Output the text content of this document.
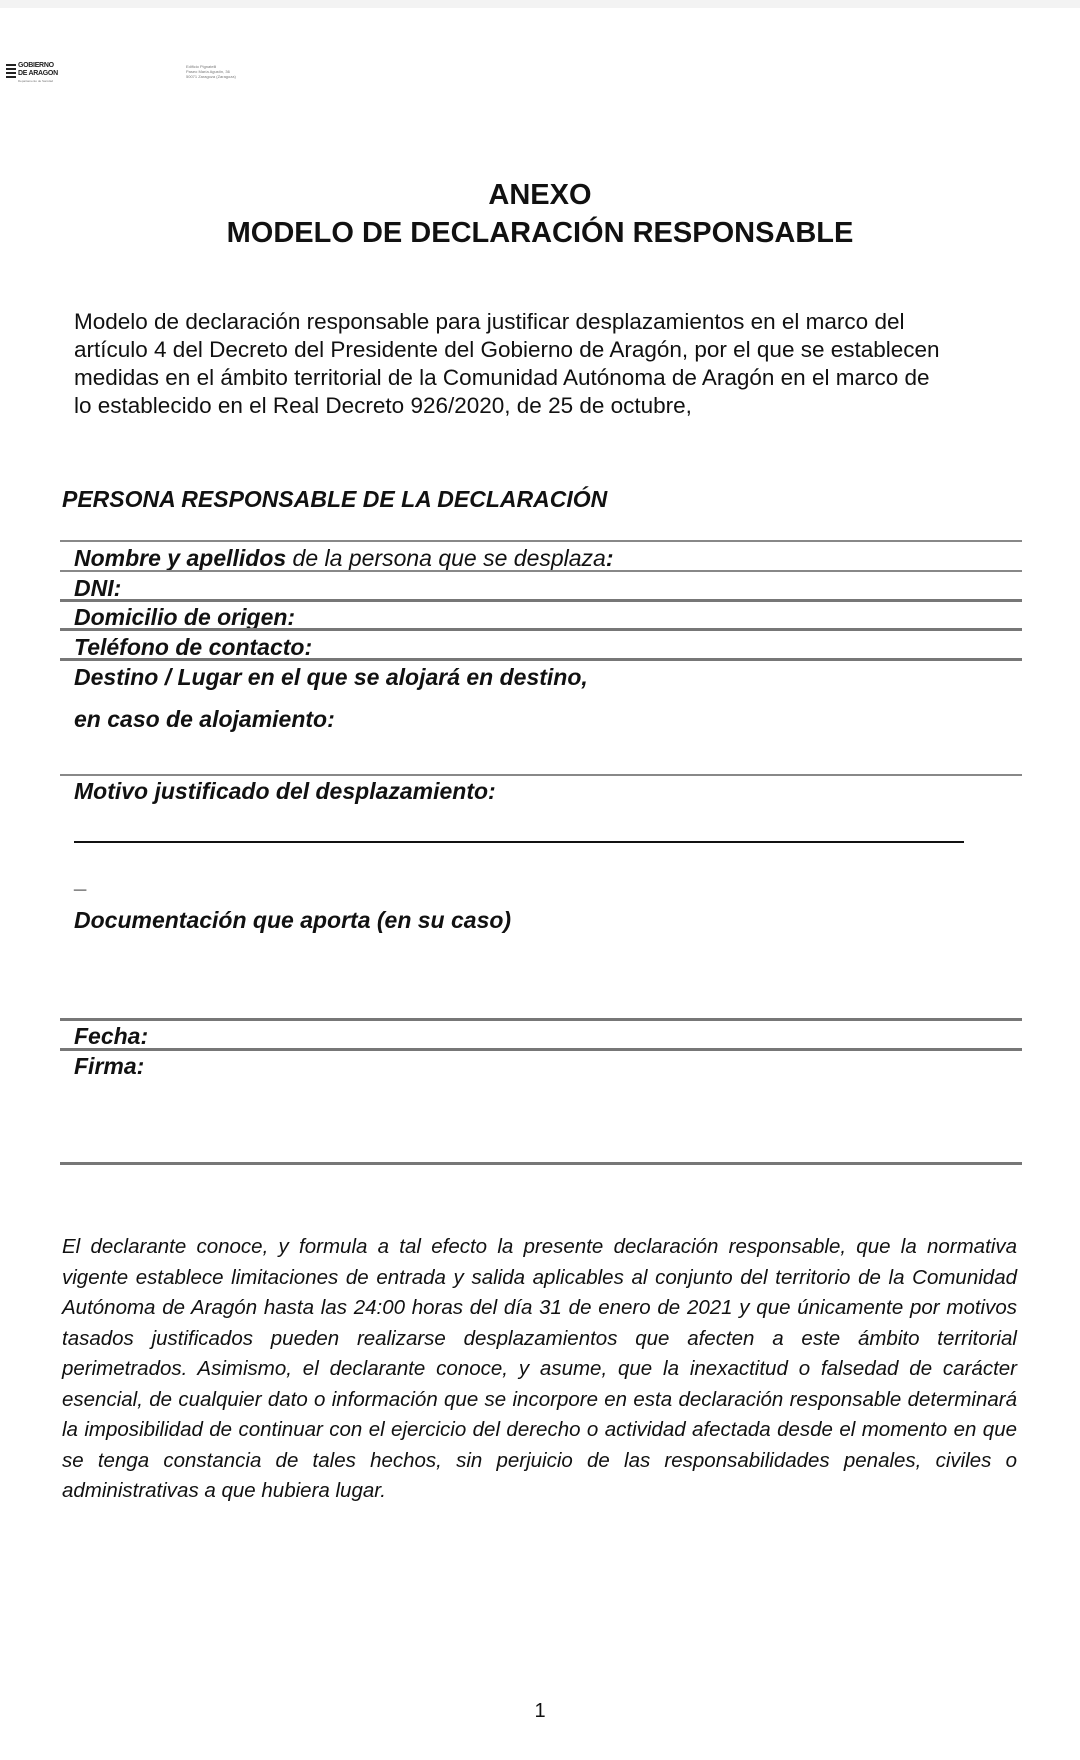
GOBIERNO
DE ARAGON
Departamento de Sanidad
Edificio Pignatelli
Paseo María Agustín, 36
50071 Zaragoza (Zaragoza)
ANEXO
MODELO DE DECLARACIÓN RESPONSABLE
Modelo de declaración responsable para justificar desplazamientos en el marco del
artículo 4 del Decreto del Presidente del Gobierno de Aragón, por el que se establecen
medidas en el ámbito territorial de la Comunidad Autónoma de Aragón en el marco de
lo establecido en el Real Decreto 926/2020, de 25 de octubre,
PERSONA RESPONSABLE DE LA DECLARACIÓN
Nombre y apellidos de la persona que se desplaza:
DNI:
Domicilio de origen:
Teléfono de contacto:
Destino / Lugar en el que se alojará en destino,
en caso de alojamiento:
Motivo justificado del desplazamiento:
_
Documentación que aporta (en su caso)
Fecha:
Firma:
El declarante conoce, y formula a tal efecto la presente declaración responsable, que la normativa vigente establece limitaciones de entrada y salida aplicables al conjunto del territorio de la Comunidad Autónoma de Aragón hasta las 24:00 horas del día 31 de enero de 2021 y que únicamente por motivos tasados justificados pueden realizarse desplazamientos que afecten a este ámbito territorial perimetrados. Asimismo, el declarante conoce, y asume, que la inexactitud o falsedad de carácter esencial, de cualquier dato o información que se incorpore en esta declaración responsable determinará la imposibilidad de continuar con el ejercicio del derecho o actividad afectada desde el momento en que se tenga constancia de tales hechos, sin perjuicio de las responsabilidades penales, civiles o administrativas a que hubiera lugar.
1
